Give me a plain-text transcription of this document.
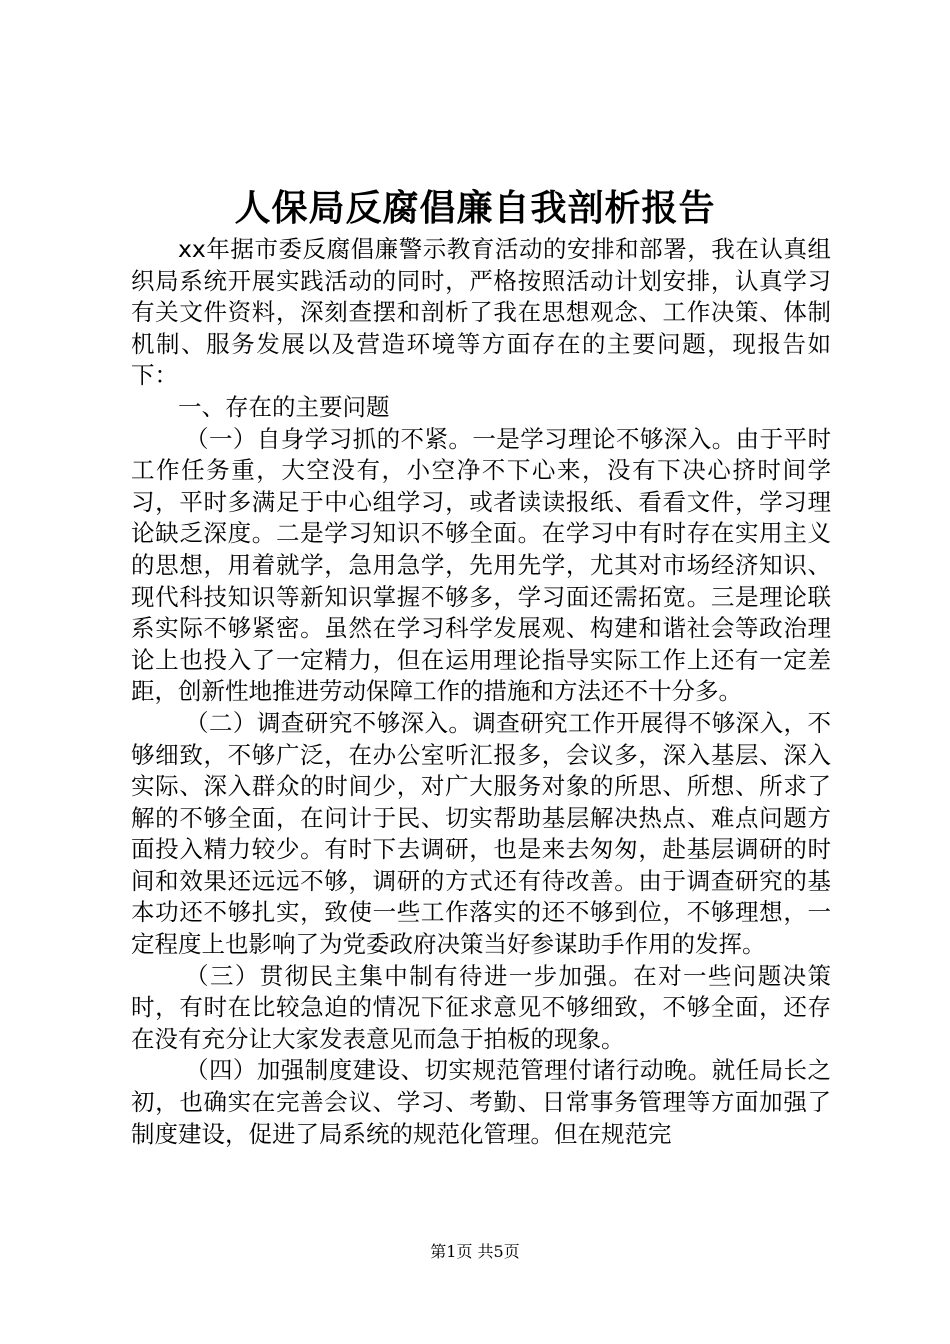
人保局反腐倡廉自我剖析报告

xx年据市委反腐倡廉警示教育活动的安排和部署，我在认真组织局系统开展实践活动的同时，严格按照活动计划安排，认真学习有关文件资料，深刻查摆和剖析了我在思想观念、工作决策、体制机制、服务发展以及营造环境等方面存在的主要问题，现报告如下：

一、存在的主要问题

（一）自身学习抓的不紧。一是学习理论不够深入。由于平时工作任务重，大空没有，小空净不下心来，没有下决心挤时间学习，平时多满足于中心组学习，或者读读报纸、看看文件，学习理论缺乏深度。二是学习知识不够全面。在学习中有时存在实用主义的思想，用着就学，急用急学，先用先学，尤其对市场经济知识、现代科技知识等新知识掌握不够多，学习面还需拓宽。三是理论联系实际不够紧密。虽然在学习科学发展观、构建和谐社会等政治理论上也投入了一定精力，但在运用理论指导实际工作上还有一定差距，创新性地推进劳动保障工作的措施和方法还不十分多。

（二）调查研究不够深入。调查研究工作开展得不够深入，不够细致，不够广泛，在办公室听汇报多，会议多，深入基层、深入实际、深入群众的时间少，对广大服务对象的所思、所想、所求了解的不够全面，在问计于民、切实帮助基层解决热点、难点问题方面投入精力较少。有时下去调研，也是来去匆匆，赴基层调研的时间和效果还远远不够，调研的方式还有待改善。由于调查研究的基本功还不够扎实，致使一些工作落实的还不够到位，不够理想，一定程度上也影响了为党委政府决策当好参谋助手作用的发挥。

（三）贯彻民主集中制有待进一步加强。在对一些问题决策时，有时在比较急迫的情况下征求意见不够细致，不够全面，还存在没有充分让大家发表意见而急于拍板的现象。

（四）加强制度建设、切实规范管理付诸行动晚。就任局长之初，也确实在完善会议、学习、考勤、日常事务管理等方面加强了制度建设，促进了局系统的规范化管理。但在规范完

第1页 共5页
